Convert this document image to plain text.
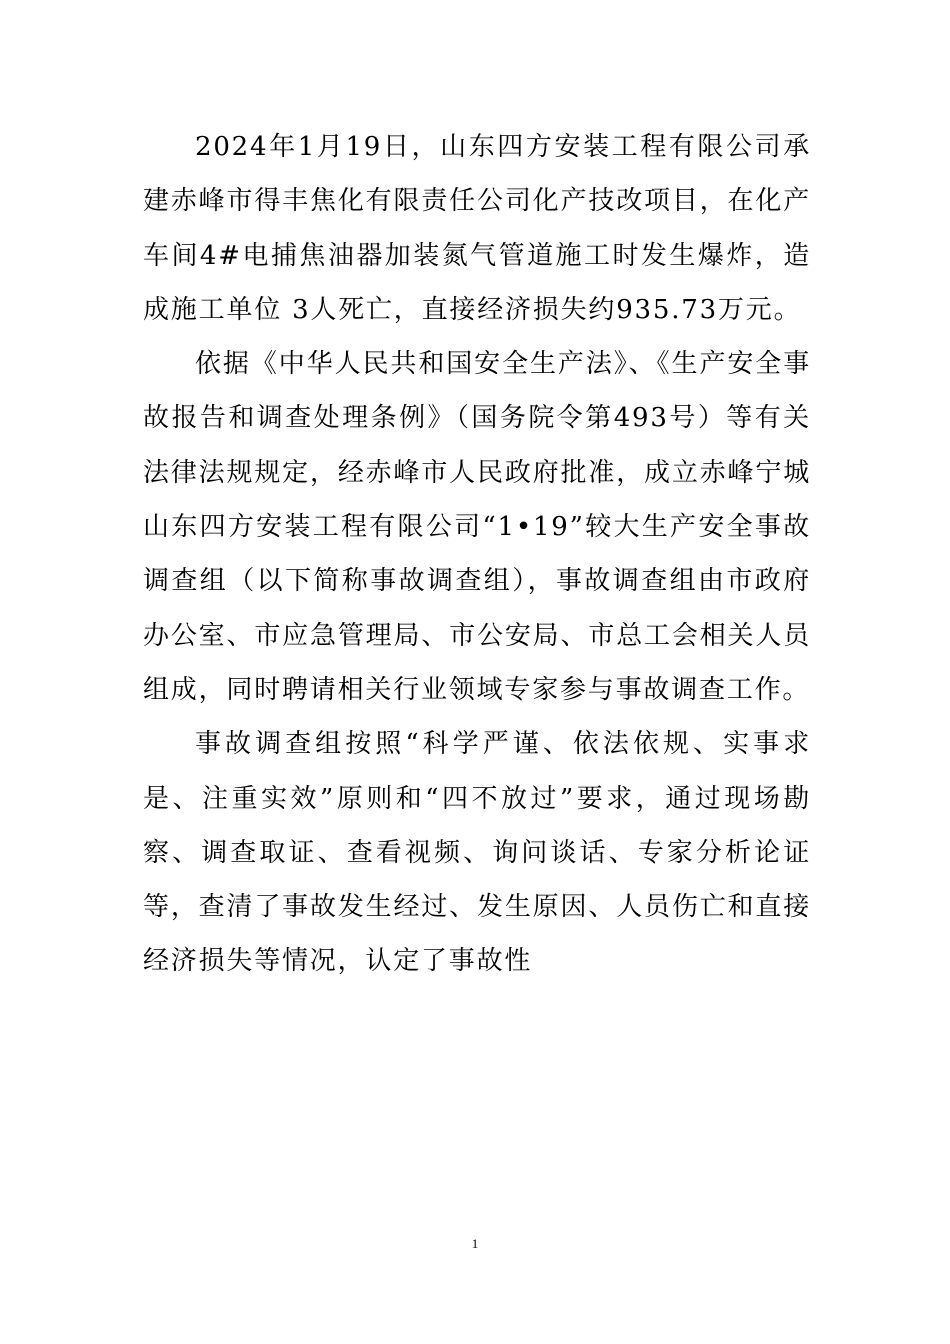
2024年1月19日，山东四方安装工程有限公司承建赤峰市得丰焦化有限责任公司化产技改项目，在化产车间4#电捕焦油器加装氮气管道施工时发生爆炸，造成施工单位 3人死亡，直接经济损失约935.73万元。

依据《中华人民共和国安全生产法》、《生产安全事故报告和调查处理条例》（国务院令第493号）等有关法律法规规定，经赤峰市人民政府批准，成立赤峰宁城山东四方安装工程有限公司“1•19”较大生产安全事故调查组（以下简称事故调查组），事故调查组由市政府办公室、市应急管理局、市公安局、市总工会相关人员组成，同时聘请相关行业领域专家参与事故调查工作。

事故调查组按照“科学严谨、依法依规、实事求是、注重实效”原则和“四不放过”要求，通过现场勘察、调查取证、查看视频、询问谈话、专家分析论证等，查清了事故发生经过、发生原因、人员伤亡和直接经济损失等情况，认定了事故性

1
